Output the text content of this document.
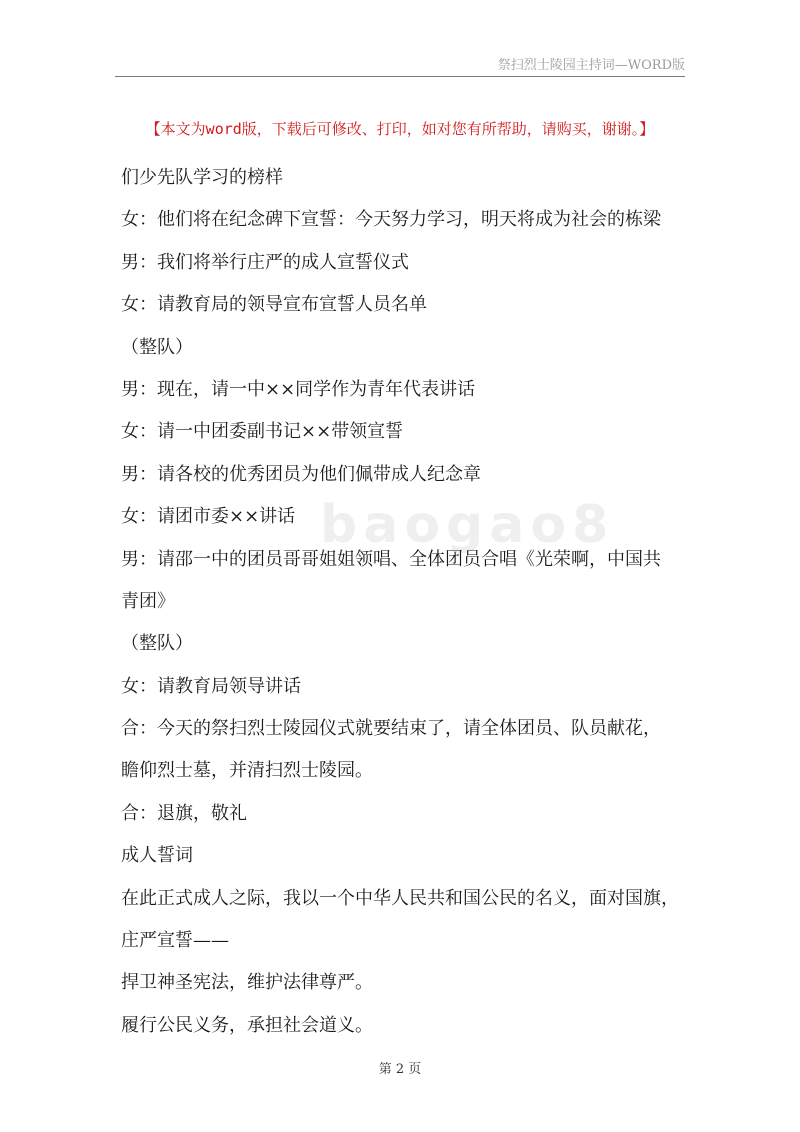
祭扫烈士陵园主持词—WORD版
【本文为word版，下载后可修改、打印，如对您有所帮助，请购买，谢谢。】
baogao8
们少先队学习的榜样
女：他们将在纪念碑下宣誓：今天努力学习，明天将成为社会的栋梁
男：我们将举行庄严的成人宣誓仪式
女：请教育局的领导宣布宣誓人员名单
（整队）
男：现在，请一中××同学作为青年代表讲话
女：请一中团委副书记××带领宣誓
男：请各校的优秀团员为他们佩带成人纪念章
女：请团市委××讲话
男：请邵一中的团员哥哥姐姐领唱、全体团员合唱《光荣啊，中国共
青团》
（整队）
女：请教育局领导讲话
合：今天的祭扫烈士陵园仪式就要结束了，请全体团员、队员献花，
瞻仰烈士墓，并清扫烈士陵园。
合：退旗，敬礼
成人誓词
在此正式成人之际，我以一个中华人民共和国公民的名义，面对国旗，
庄严宣誓——
捍卫神圣宪法，维护法律尊严。
履行公民义务，承担社会道义。
第 2 页
